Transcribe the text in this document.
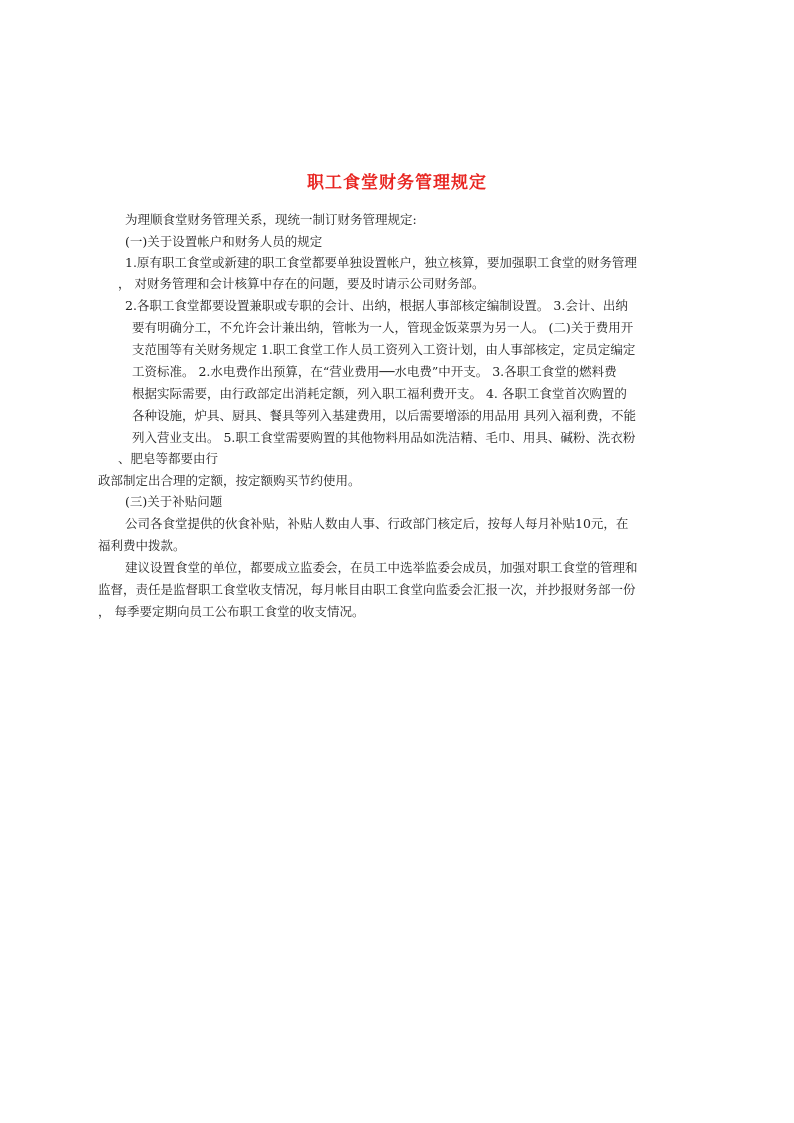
职工食堂财务管理规定
为理顺食堂财务管理关系，现统一制订财务管理规定:
(一)关于设置帐户和财务人员的规定
1.原有职工食堂或新建的职工食堂都要单独设置帐户，独立核算，要加强职工食堂的财务管理
， 对财务管理和会计核算中存在的问题，要及时请示公司财务部。
2.各职工食堂都要设置兼职或专职的会计、出纳，根据人事部核定编制设置。 3.会计、出纳
要有明确分工，不允许会计兼出纳，管帐为一人，管现金饭菜票为另一人。 (二)关于费用开
支范围等有关财务规定 1.职工食堂工作人员工资列入工资计划，由人事部核定，定员定编定
工资标准。 2.水电费作出预算，在“营业费用──水电费”中开支。 3.各职工食堂的燃料费
根据实际需要，由行政部定出消耗定额，列入职工福利费开支。 4. 各职工食堂首次购置的
各种设施，炉具、厨具、餐具等列入基建费用，以后需要增添的用品用 具列入福利费，不能
列入营业支出。 5.职工食堂需要购置的其他物料用品如洗洁精、毛巾、用具、碱粉、洗衣粉
、肥皂等都要由行
政部制定出合理的定额，按定额购买节约使用。
(三)关于补贴问题
公司各食堂提供的伙食补贴，补贴人数由人事、行政部门核定后，按每人每月补贴10元，在
福利费中拨款。
建议设置食堂的单位，都要成立监委会，在员工中选举监委会成员，加强对职工食堂的管理和
监督，责任是监督职工食堂收支情况，每月帐目由职工食堂向监委会汇报一次，并抄报财务部一份
， 每季要定期向员工公布职工食堂的收支情况。
